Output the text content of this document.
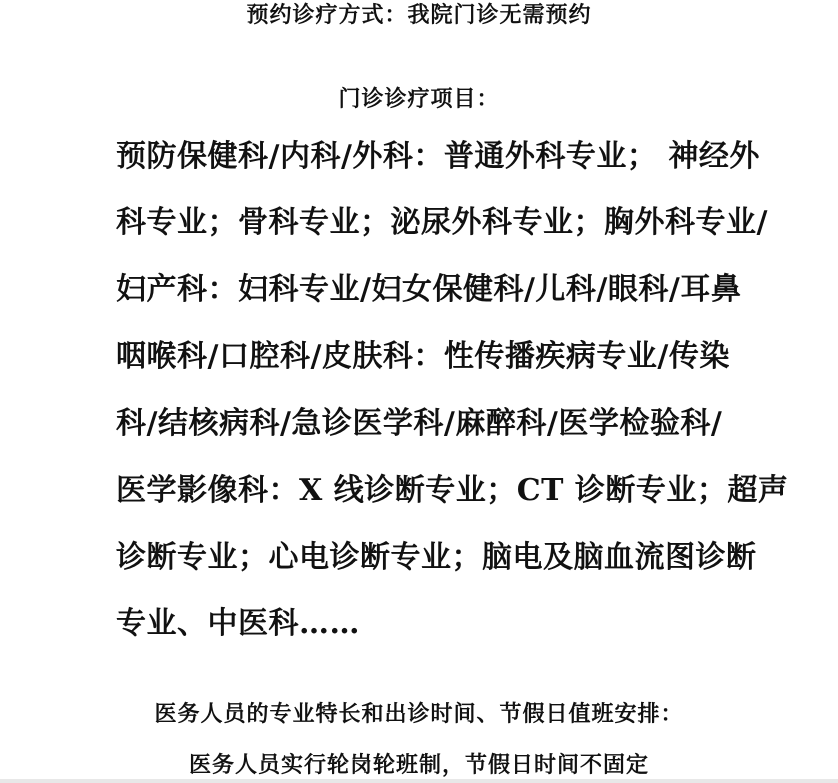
预约诊疗方式：我院门诊无需预约
门诊诊疗项目：
预防保健科/内科/外科：普通外科专业； 神经外
科专业；骨科专业；泌尿外科专业；胸外科专业/
妇产科：妇科专业/妇女保健科/儿科/眼科/耳鼻
咽喉科/口腔科/皮肤科：性传播疾病专业/传染
科/结核病科/急诊医学科/麻醉科/医学检验科/
医学影像科：X 线诊断专业；CT 诊断专业；超声
诊断专业；心电诊断专业；脑电及脑血流图诊断
专业、中医科……
医务人员的专业特长和出诊时间、节假日值班安排：
医务人员实行轮岗轮班制，节假日时间不固定
